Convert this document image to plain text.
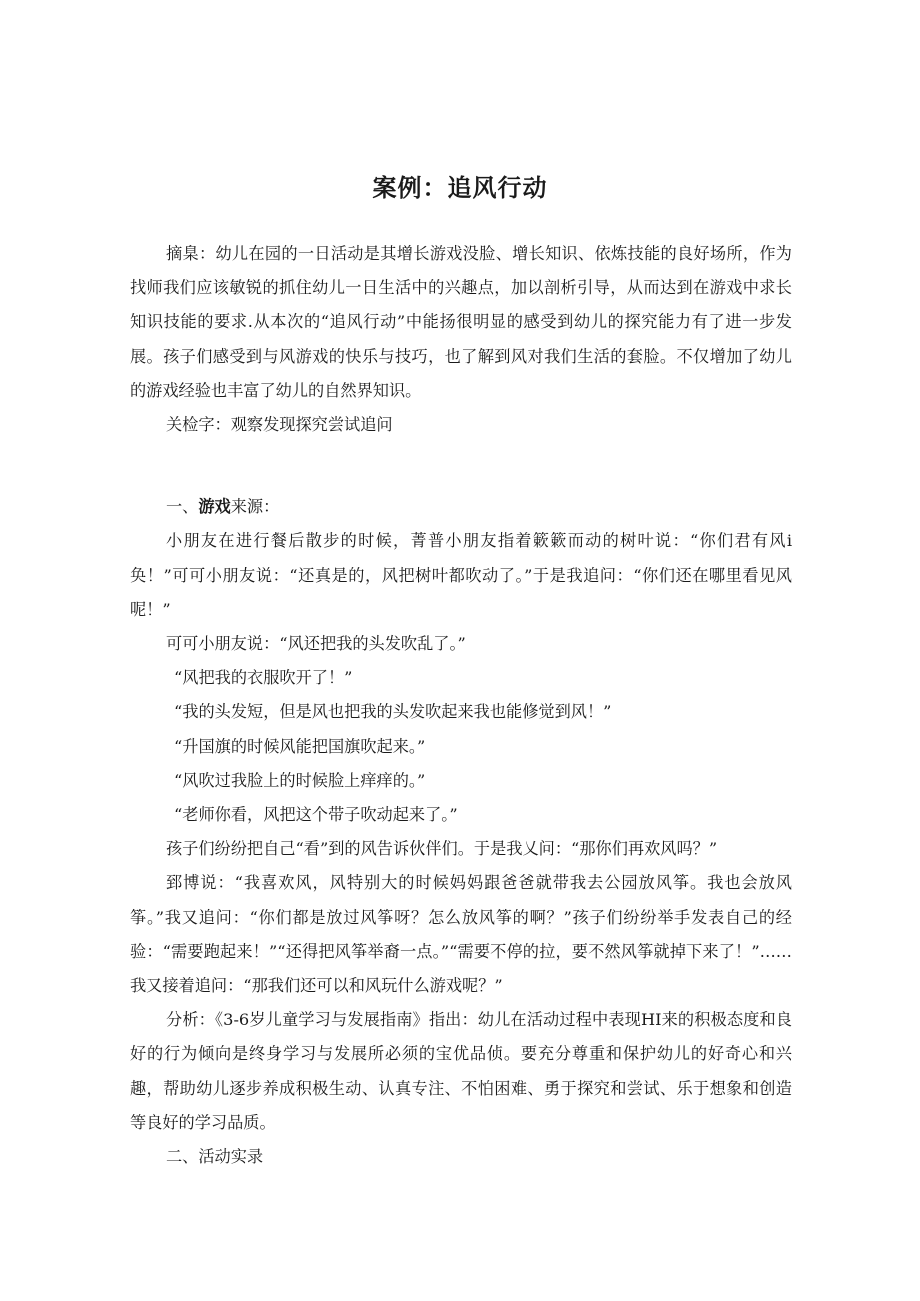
案例：追风行动

摘臬：幼儿在园的一日活动是其增长游戏没脸、增长知识、依炼技能的良好场所，作为找师我们应该敏锐的抓住幼儿一日生活中的兴趣点，加以剖析引导，从而达到在游戏中求长知识技能的要求.从本次的“追风行动”中能扬很明显的感受到幼儿的探究能力有了进一步发展。孩子们感受到与风游戏的快乐与技巧，也了解到风对我们生活的套脸。不仅增加了幼儿的游戏经验也丰富了幼儿的自然界知识。

关检字：观察发现探究尝试追问

一、游戏来源：

小朋友在进行餐后散步的时候，菁普小朋友指着簌簌而动的树叶说：“你们君有风i奂！”可可小朋友说：“还真是的，风把树叶都吹动了。”于是我追问：“你们还在哪里看见风呢！”

可可小朋友说：“风还把我的头发吹乱了。”

“风把我的衣服吹开了！”

“我的头发短，但是风也把我的头发吹起来我也能修觉到风！”

“升国旗的时候风能把国旗吹起来。”

“风吹过我脸上的时候脸上痒痒的。”

“老师你看，风把这个带子吹动起来了。”

孩子们纷纷把自己“看”到的风告诉伙伴们。于是我乂问：“那你们再欢风吗？”

郅博说：“我喜欢风，风特别大的时候妈妈跟爸爸就带我去公园放风筝。我也会放风筝。”我又追问：“你们都是放过风筝呀？怎么放风筝的啊？”孩子们纷纷举手发表自己的经验：“需要跑起来！”“还得把风筝举裔一点。”“需要不停的拉，要不然风筝就掉下来了！”……我又接着追问：“那我们还可以和风玩什么游戏呢？”

分析：《3-6岁儿童学习与发展指南》指出：幼儿在活动过程中表现HI来的积极态度和良好的行为倾向是终身学习与发展所必须的宝优品侦。要充分尊重和保护幼儿的好奇心和兴趣，帮助幼儿逐步养成积极生动、认真专注、不怕困难、勇于探究和尝试、乐于想象和创造等良好的学习品质。

二、活动实录
